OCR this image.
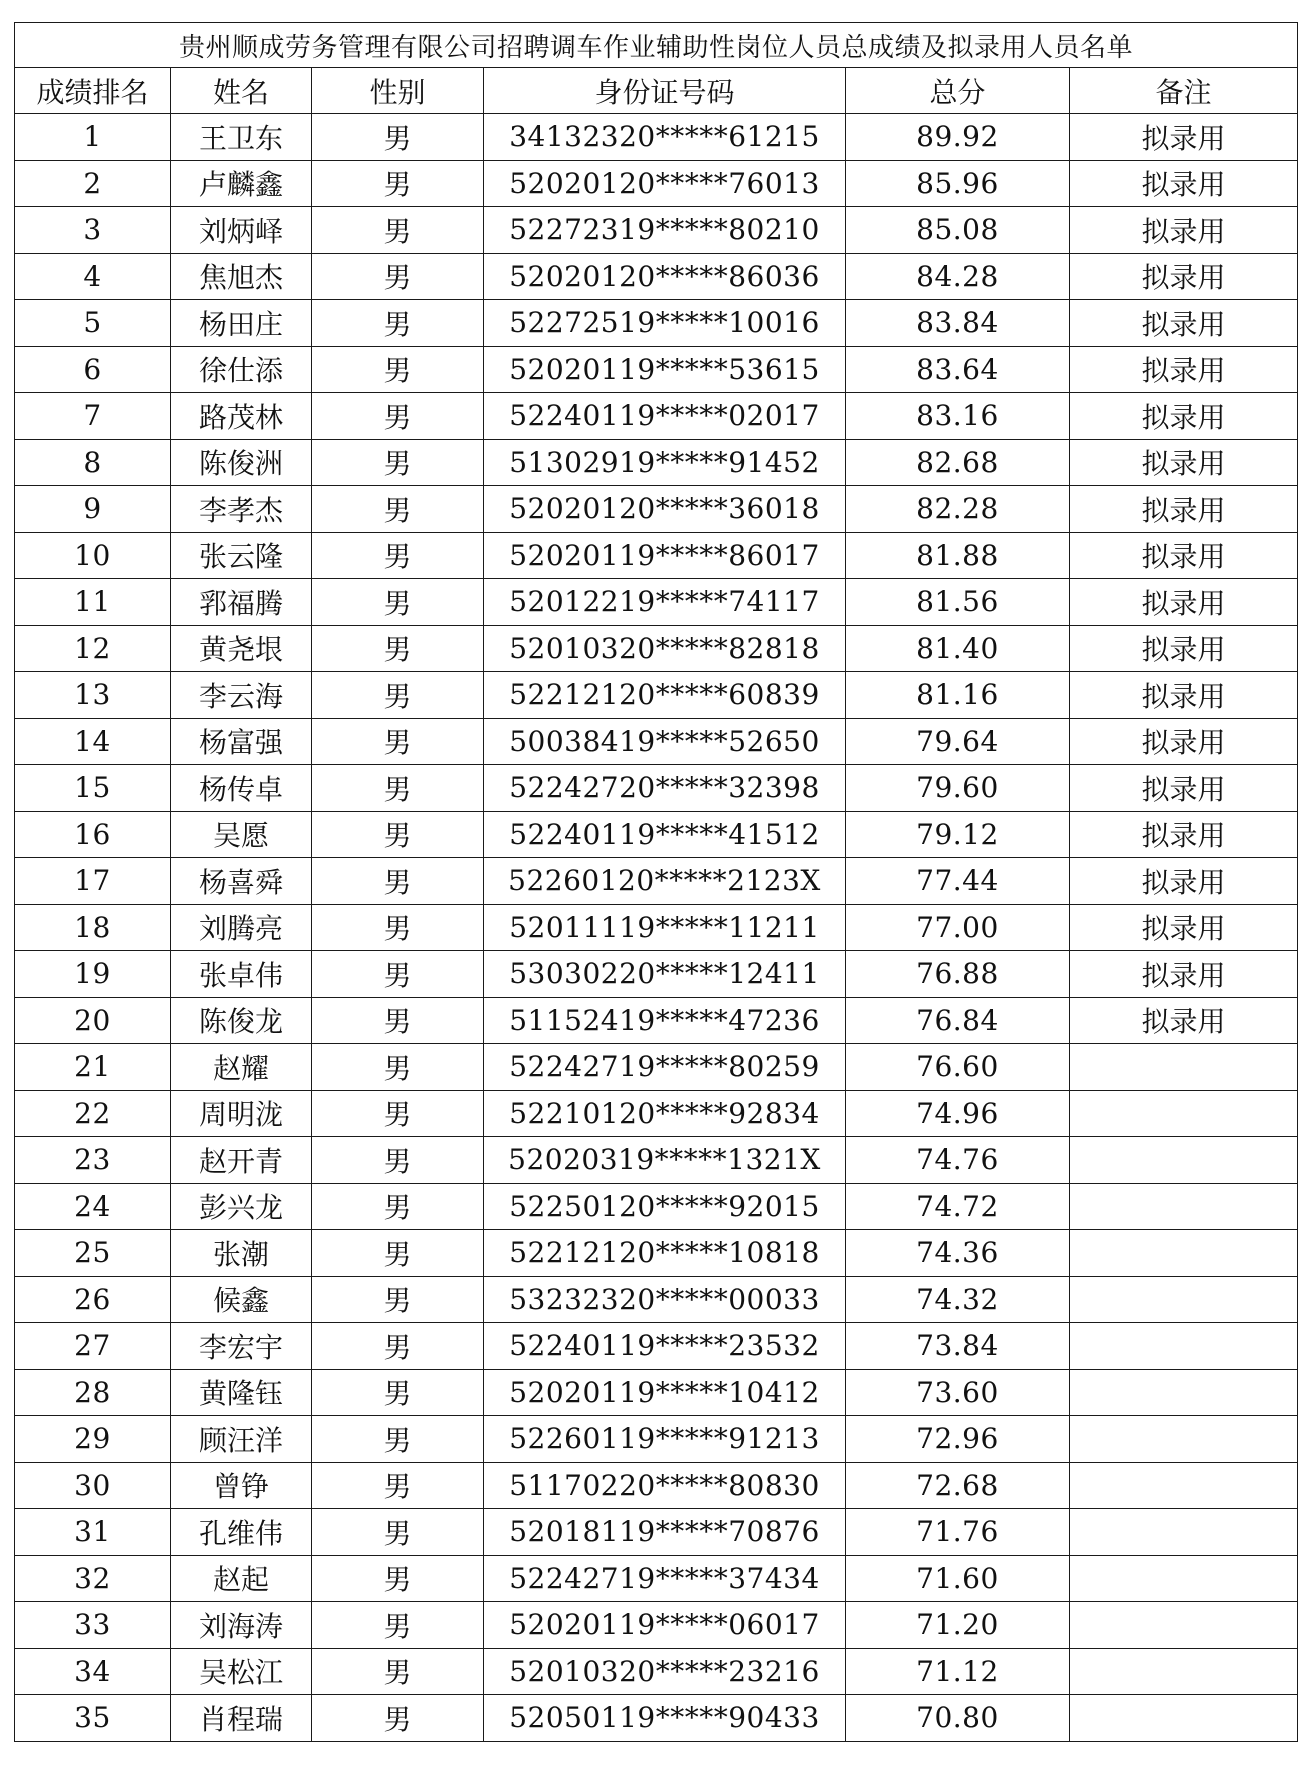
贵州顺成劳务管理有限公司招聘调车作业辅助性岗位人员总成绩及拟录用人员名单					
成绩排名	姓名	性别	身份证号码	总分	备注
1	王卫东	男	34132320*****61215	89.92	拟录用
2	卢麟鑫	男	52020120*****76013	85.96	拟录用
3	刘炳峄	男	52272319*****80210	85.08	拟录用
4	焦旭杰	男	52020120*****86036	84.28	拟录用
5	杨田庄	男	52272519*****10016	83.84	拟录用
6	徐仕添	男	52020119*****53615	83.64	拟录用
7	路茂林	男	52240119*****02017	83.16	拟录用
8	陈俊洲	男	51302919*****91452	82.68	拟录用
9	李孝杰	男	52020120*****36018	82.28	拟录用
10	张云隆	男	52020119*****86017	81.88	拟录用
11	郛福腾	男	52012219*****74117	81.56	拟录用
12	黄尧垠	男	52010320*****82818	81.40	拟录用
13	李云海	男	52212120*****60839	81.16	拟录用
14	杨富强	男	50038419*****52650	79.64	拟录用
15	杨传卓	男	52242720*****32398	79.60	拟录用
16	吴愿	男	52240119*****41512	79.12	拟录用
17	杨喜舜	男	52260120*****2123X	77.44	拟录用
18	刘腾亮	男	52011119*****11211	77.00	拟录用
19	张卓伟	男	53030220*****12411	76.88	拟录用
20	陈俊龙	男	51152419*****47236	76.84	拟录用
21	赵耀	男	52242719*****80259	76.60	
22	周明泷	男	52210120*****92834	74.96	
23	赵开青	男	52020319*****1321X	74.76	
24	彭兴龙	男	52250120*****92015	74.72	
25	张潮	男	52212120*****10818	74.36	
26	候鑫	男	53232320*****00033	74.32	
27	李宏宇	男	52240119*****23532	73.84	
28	黄隆钰	男	52020119*****10412	73.60	
29	顾汪洋	男	52260119*****91213	72.96	
30	曾铮	男	51170220*****80830	72.68	
31	孔维伟	男	52018119*****70876	71.76	
32	赵起	男	52242719*****37434	71.60	
33	刘海涛	男	52020119*****06017	71.20	
34	吴松江	男	52010320*****23216	71.12	
35	肖程瑞	男	52050119*****90433	70.80	
